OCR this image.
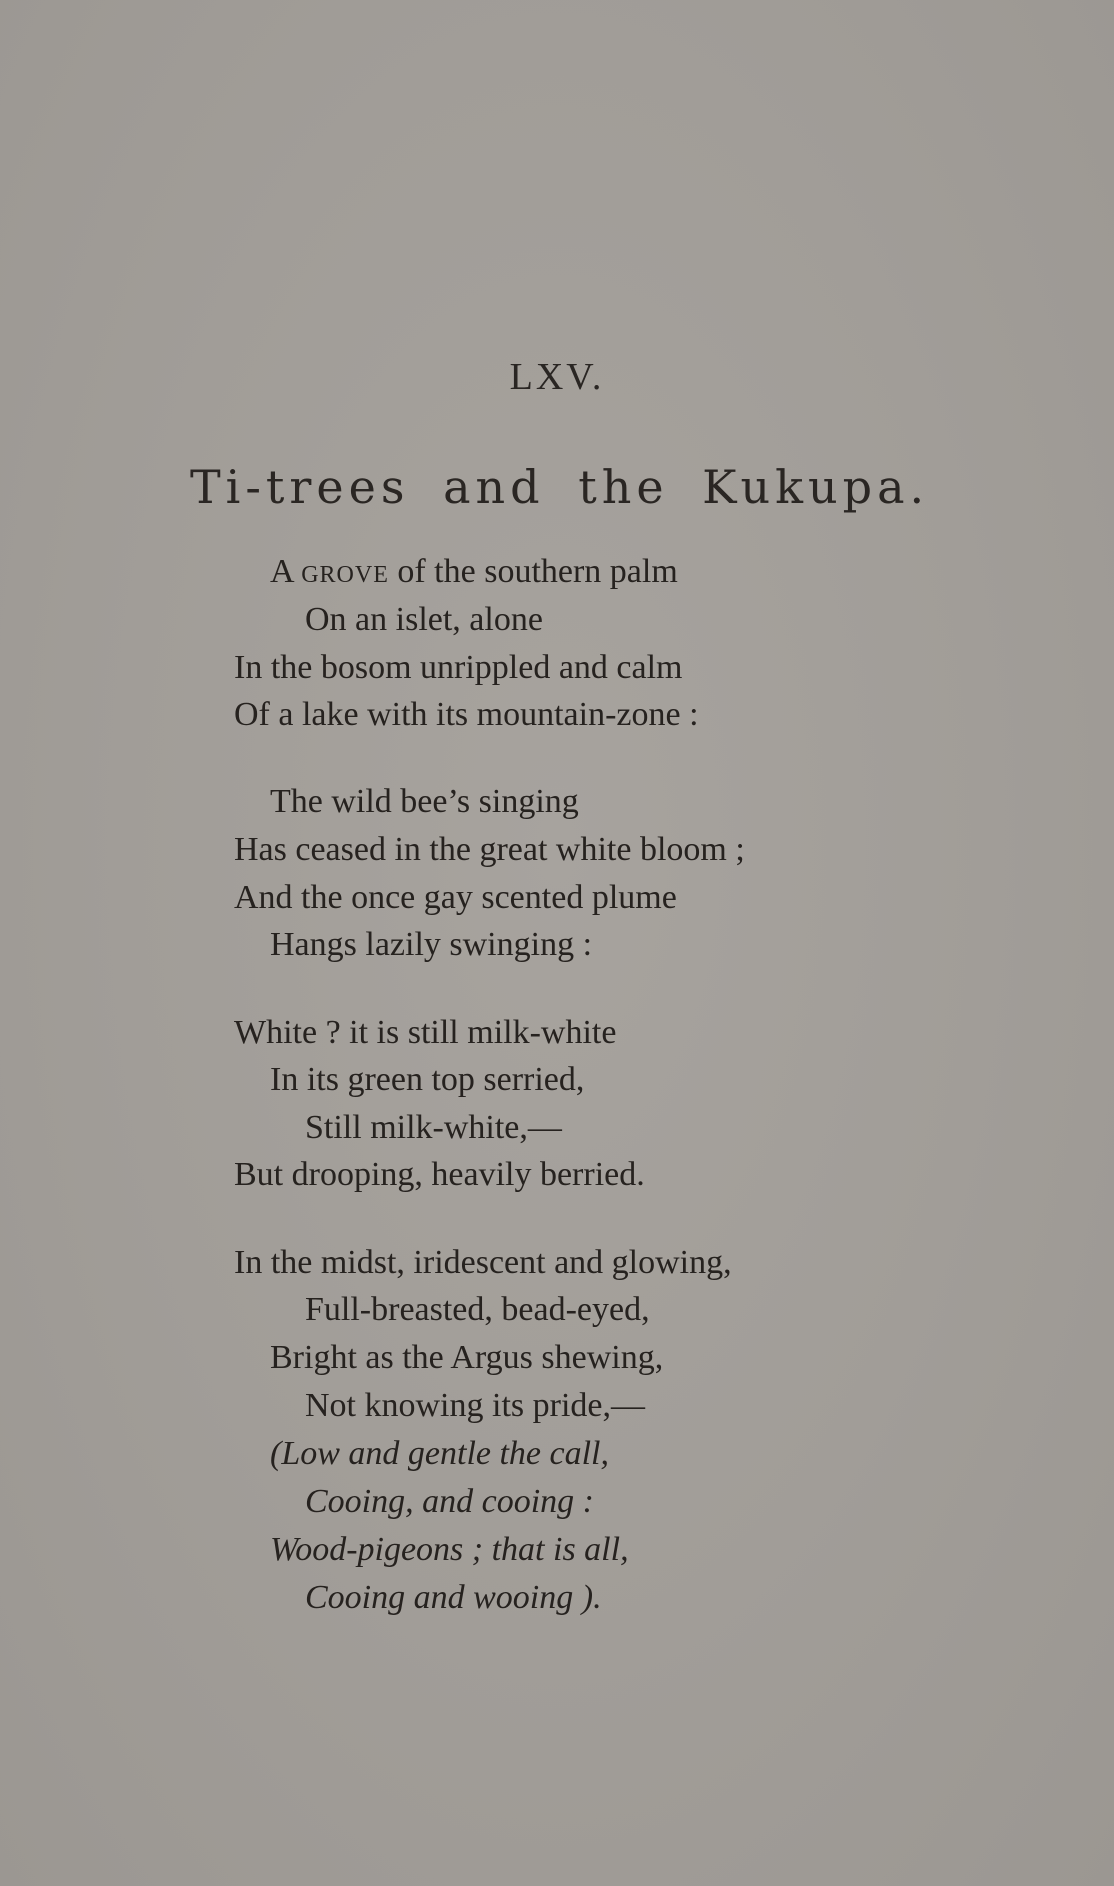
LXV.
Ti-trees and the Kukupa.
A grove of the southern palm
On an islet, alone
In the bosom unrippled and calm
Of a lake with its mountain-zone :
The wild bee’s singing
Has ceased in the great white bloom ;
And the once gay scented plume
Hangs lazily swinging :
White ? it is still milk-white
In its green top serried,
Still milk-white,—
But drooping, heavily berried.
In the midst, iridescent and glowing,
Full-breasted, bead-eyed,
Bright as the Argus shewing,
Not knowing its pride,—
(Low and gentle the call,
Cooing, and cooing :
Wood-pigeons ; that is all,
Cooing and wooing ).
